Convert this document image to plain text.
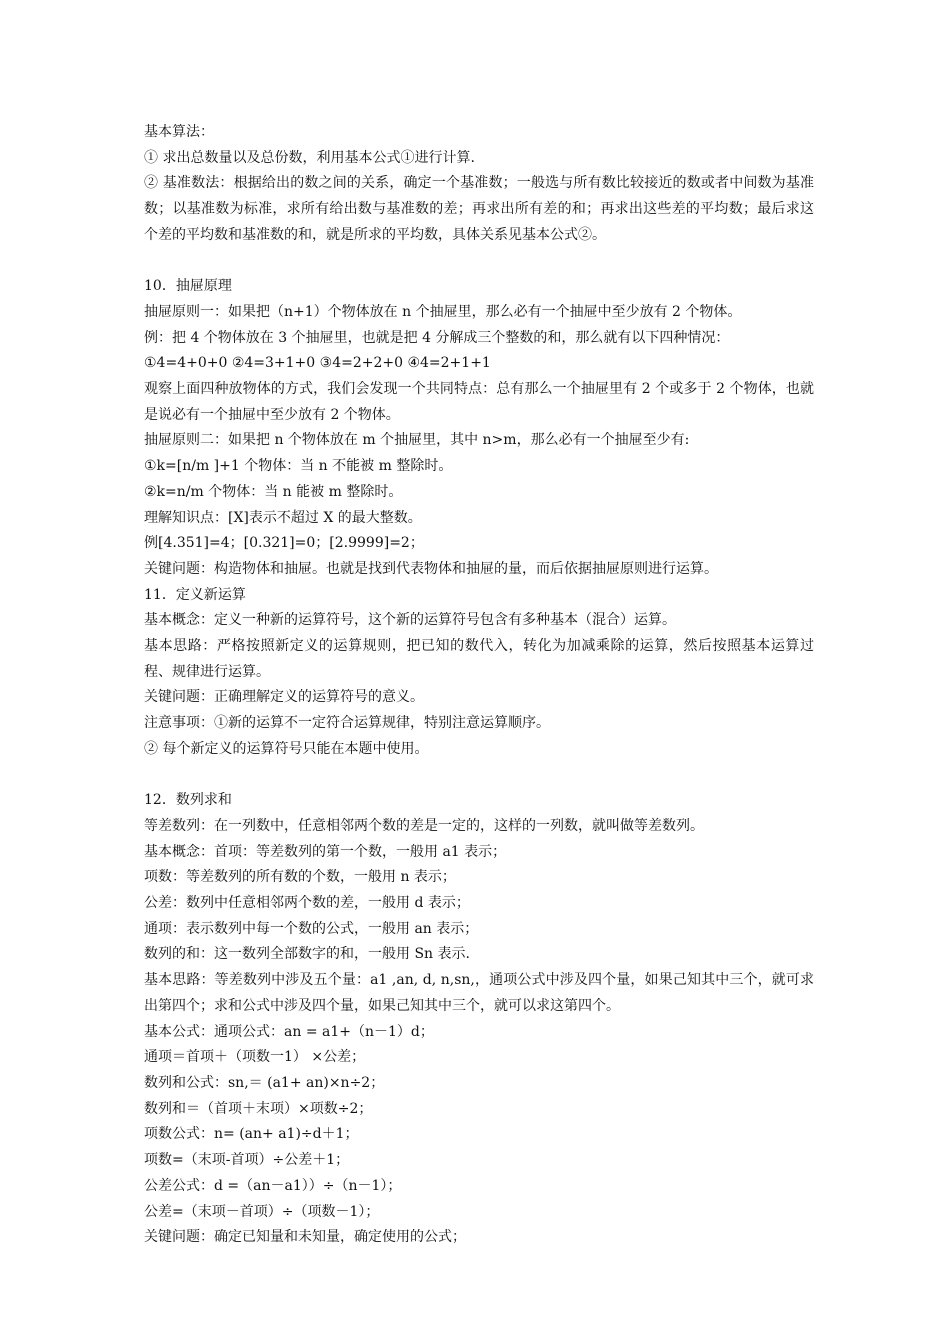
基本算法：
① 求出总数量以及总份数，利用基本公式①进行计算.
② 基准数法：根据给出的数之间的关系，确定一个基准数；一般选与所有数比较接近的数或者中间数为基准数；以基准数为标准，求所有给出数与基准数的差；再求出所有差的和；再求出这些差的平均数；最后求这个差的平均数和基准数的和，就是所求的平均数，具体关系见基本公式②。
10．抽屉原理
抽屉原则一：如果把（n+1）个物体放在 n 个抽屉里，那么必有一个抽屉中至少放有 2 个物体。
例：把 4 个物体放在 3 个抽屉里，也就是把 4 分解成三个整数的和，那么就有以下四种情况：
①4=4+0+0 ②4=3+1+0 ③4=2+2+0 ④4=2+1+1
观察上面四种放物体的方式，我们会发现一个共同特点：总有那么一个抽屉里有 2 个或多于 2 个物体，也就是说必有一个抽屉中至少放有 2 个物体。
抽屉原则二：如果把 n 个物体放在 m 个抽屉里，其中 n>m，那么必有一个抽屉至少有:
①k=[n/m ]+1 个物体：当 n 不能被 m 整除时。
②k=n/m 个物体：当 n 能被 m 整除时。
理解知识点：[X]表示不超过 X 的最大整数。
例[4.351]=4；[0.321]=0；[2.9999]=2；
关键问题：构造物体和抽屉。也就是找到代表物体和抽屉的量，而后依据抽屉原则进行运算。
11．定义新运算
基本概念：定义一种新的运算符号，这个新的运算符号包含有多种基本（混合）运算。
基本思路：严格按照新定义的运算规则，把已知的数代入，转化为加减乘除的运算，然后按照基本运算过程、规律进行运算。
关键问题：正确理解定义的运算符号的意义。
注意事项：①新的运算不一定符合运算规律，特别注意运算顺序。
② 每个新定义的运算符号只能在本题中使用。
12．数列求和
等差数列：在一列数中，任意相邻两个数的差是一定的，这样的一列数，就叫做等差数列。
基本概念：首项：等差数列的第一个数，一般用 a1 表示；
项数：等差数列的所有数的个数，一般用 n 表示；
公差：数列中任意相邻两个数的差，一般用 d 表示；
通项：表示数列中每一个数的公式，一般用 an 表示；
数列的和：这一数列全部数字的和，一般用 Sn 表示.
基本思路：等差数列中涉及五个量：a1 ,an, d, n,sn,，通项公式中涉及四个量，如果己知其中三个，就可求出第四个；求和公式中涉及四个量，如果己知其中三个，就可以求这第四个。
基本公式：通项公式：an = a1+（n－1）d；
通项＝首项＋（项数一1） ×公差；
数列和公式：sn,＝ (a1+ an)×n÷2；
数列和＝（首项＋末项）×项数÷2；
项数公式：n= (an+ a1)÷d＋1；
项数=（末项-首项）÷公差＋1；
公差公式：d =（an－a1））÷（n－1）；
公差=（末项－首项）÷（项数－1）；
关键问题：确定已知量和未知量，确定使用的公式；
